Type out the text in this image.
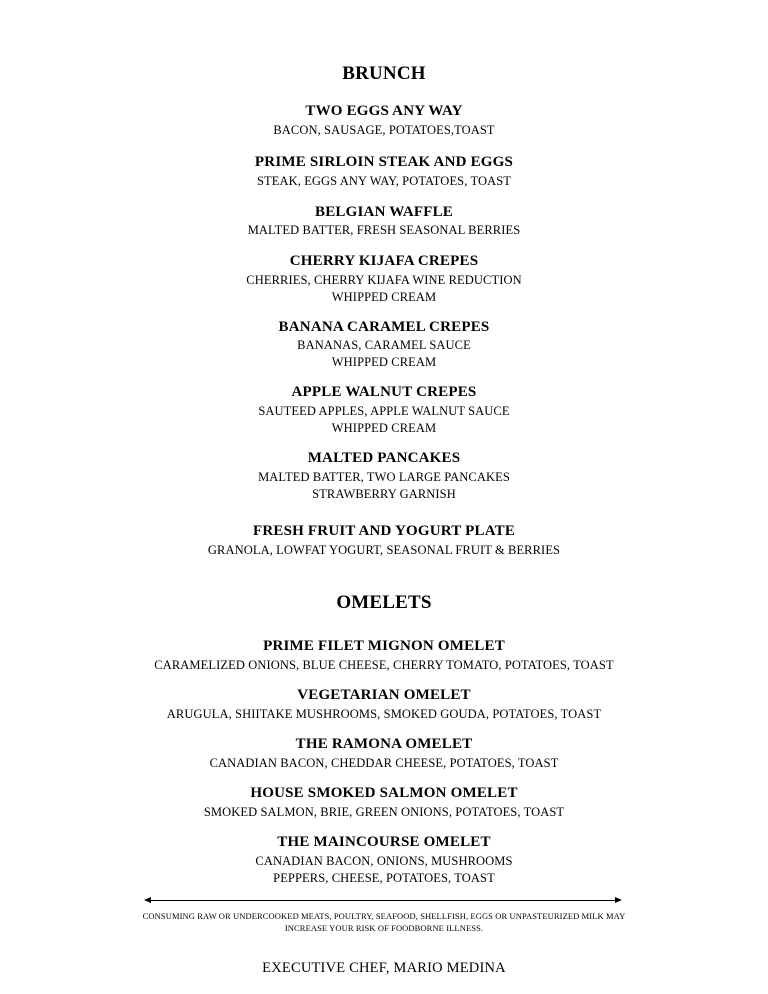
BRUNCH
TWO EGGS ANY WAY
BACON, SAUSAGE, POTATOES,TOAST
PRIME SIRLOIN STEAK AND EGGS
STEAK, EGGS ANY WAY, POTATOES, TOAST
BELGIAN WAFFLE
MALTED BATTER, FRESH SEASONAL BERRIES
CHERRY KIJAFA CREPES
CHERRIES, CHERRY KIJAFA WINE REDUCTION
WHIPPED CREAM
BANANA CARAMEL CREPES
BANANAS, CARAMEL SAUCE
WHIPPED CREAM
APPLE WALNUT CREPES
SAUTEED APPLES, APPLE WALNUT SAUCE
WHIPPED CREAM
MALTED PANCAKES
MALTED BATTER, TWO LARGE PANCAKES
STRAWBERRY GARNISH
FRESH FRUIT AND YOGURT PLATE
GRANOLA, LOWFAT YOGURT, SEASONAL FRUIT & BERRIES
OMELETS
PRIME FILET MIGNON OMELET
CARAMELIZED ONIONS, BLUE CHEESE, CHERRY TOMATO, POTATOES, TOAST
VEGETARIAN OMELET
ARUGULA, SHIITAKE MUSHROOMS, SMOKED GOUDA, POTATOES, TOAST
THE RAMONA OMELET
CANADIAN BACON, CHEDDAR CHEESE, POTATOES, TOAST
HOUSE SMOKED SALMON OMELET
SMOKED SALMON, BRIE, GREEN ONIONS, POTATOES, TOAST
THE MAINCOURSE OMELET
CANADIAN BACON, ONIONS, MUSHROOMS
PEPPERS, CHEESE, POTATOES, TOAST
CONSUMING RAW OR UNDERCOOKED MEATS, POULTRY, SEAFOOD, SHELLFISH, EGGS OR UNPASTEURIZED MILK MAY
INCREASE YOUR RISK OF FOODBORNE ILLNESS.
EXECUTIVE CHEF, MARIO MEDINA
